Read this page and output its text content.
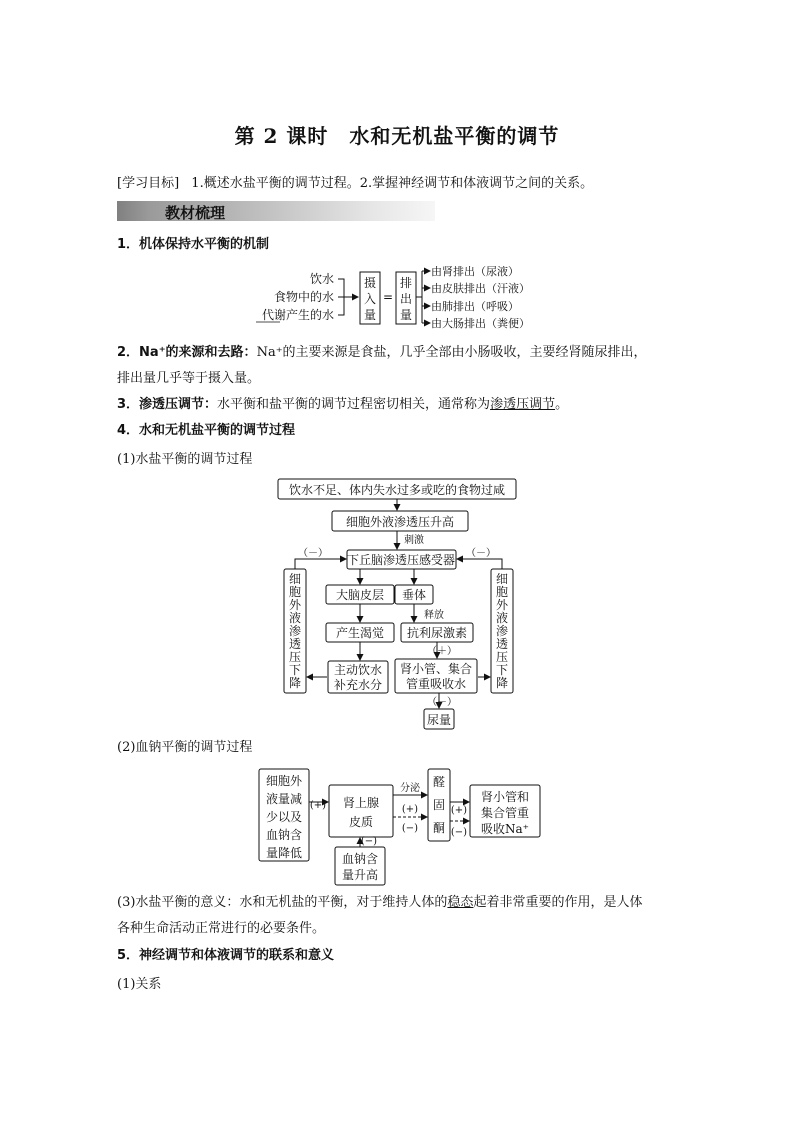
第 2 课时　水和无机盐平衡的调节
[学习目标] 1.概述水盐平衡的调节过程。2.掌握神经调节和体液调节之间的关系。
教材梳理
1．机体保持水平衡的机制
饮水
食物中的水
代谢产生的水
摄
入
量
=
排
出
量
由肾排出（尿液）
由皮肤排出（汗液）
由肺排出（呼吸）
由大肠排出（粪便）
2．Na⁺的来源和去路：Na⁺的主要来源是食盐，几乎全部由小肠吸收，主要经肾随尿排出，
排出量几乎等于摄入量。
3．渗透压调节：水平衡和盐平衡的调节过程密切相关，通常称为渗透压调节。
4．水和无机盐平衡的调节过程
(1)水盐平衡的调节过程
饮水不足、体内失水过多或吃的食物过咸
细胞外液渗透压升高
下丘脑渗透压感受器
大脑皮层 垂体
产生渴觉 抗利尿激素
主动饮水
补充水分
肾小管、集合
管重吸收水
尿量
细
胞
外
液
渗
透
压
下
降
细
胞
外
液
渗
透
压
下
降
刺激
（－）	（－）
释放
（＋）
（－）
(2)血钠平衡的调节过程
细胞外
液量减
少以及
血钠含
量降低
肾上腺
皮质
醛
固
酮
肾小管和
集合管重
吸收Na⁺
血钠含
量升高
(+)
分泌
(+)
(−)
(+)
(−)
(−)
(3)水盐平衡的意义：水和无机盐的平衡，对于维持人体的稳态起着非常重要的作用，是人体
各种生命活动正常进行的必要条件。
5．神经调节和体液调节的联系和意义
(1)关系
